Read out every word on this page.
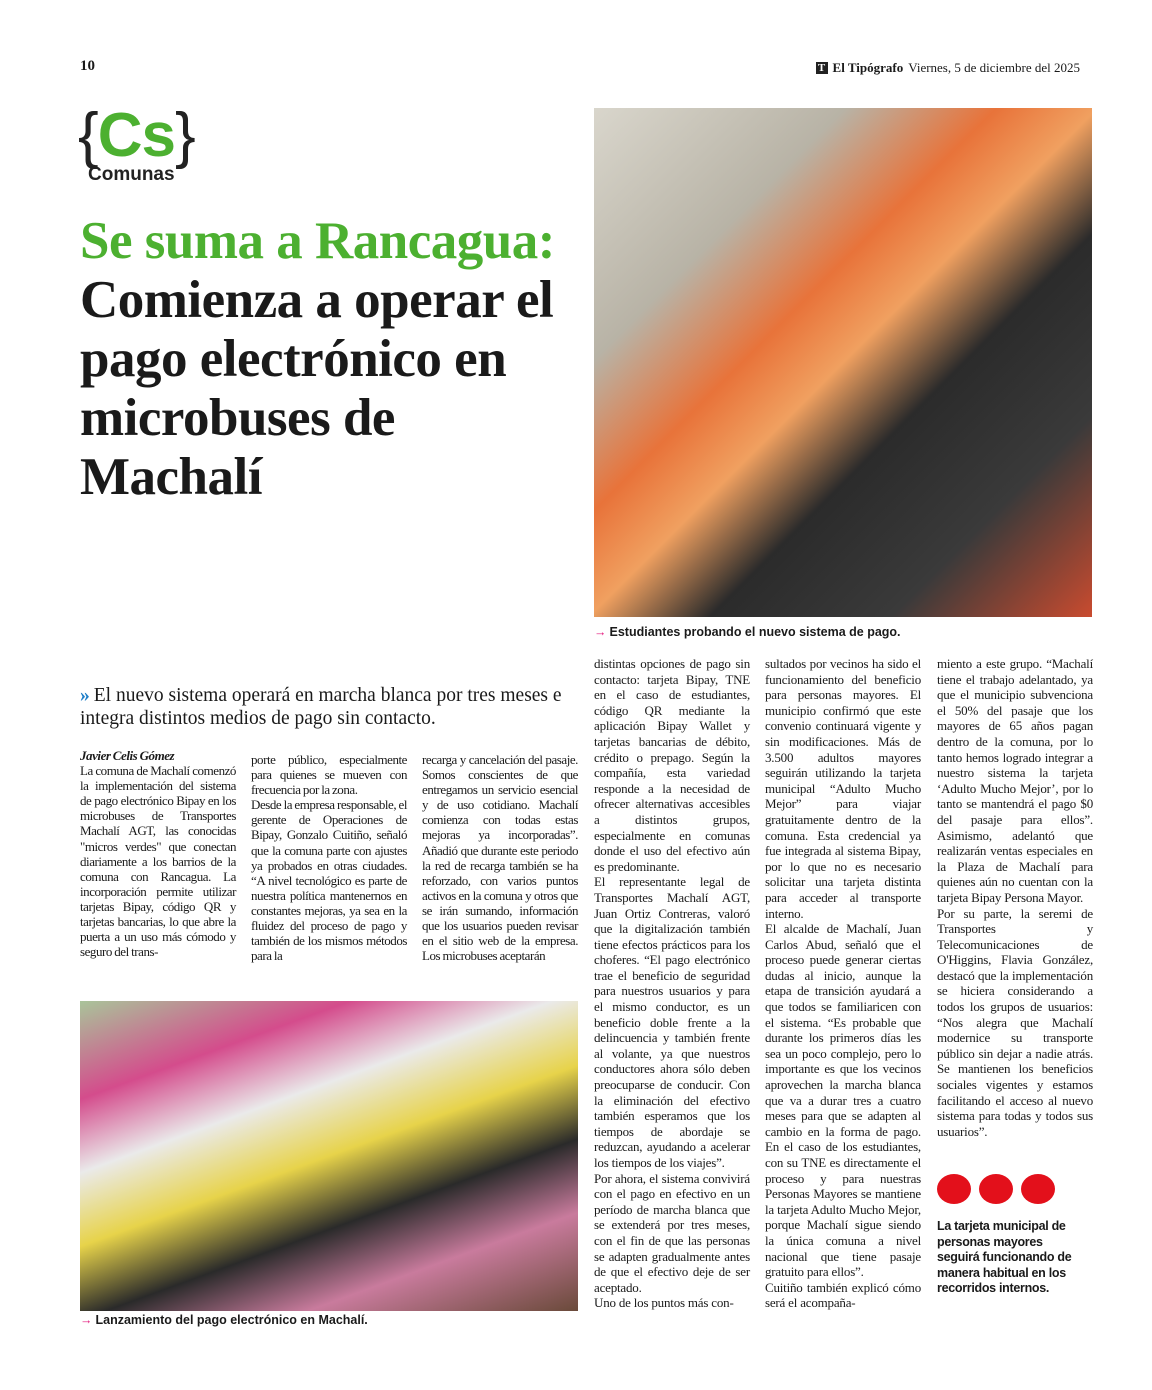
10	T El Tipógrafo Viernes, 5 de diciembre del 2025
{Cs}
Comunas
Se suma a Rancagua:
Comienza a operar el pago electrónico en microbuses de Machalí
→ Estudiantes probando el nuevo sistema de pago.
» El nuevo sistema operará en marcha blanca por tres meses e integra distintos medios de pago sin contacto.
Javier Celis Gómez

La comuna de Machalí comenzó la implementación del sistema de pago electrónico Bipay en los microbuses de Transportes Machalí AGT, las conocidas "micros verdes" que conectan diariamente a los barrios de la comuna con Rancagua. La incorporación permite utilizar tarjetas Bipay, código QR y tarjetas bancarias, lo que abre la puerta a un uso más cómodo y seguro del trans-

porte público, especialmente para quienes se mueven con frecuencia por la zona.

Desde la empresa responsable, el gerente de Operaciones de Bipay, Gonzalo Cuitiño, señaló que la comuna parte con ajustes ya probados en otras ciudades. “A nivel tecnológico es parte de nuestra política mantenernos en constantes mejoras, ya sea en la fluidez del proceso de pago y también de los mismos métodos para la

recarga y cancelación del pasaje. Somos conscientes de que entregamos un servicio esencial y de uso cotidiano. Machalí comienza con todas estas mejoras ya incorporadas”. Añadió que durante este periodo la red de recarga también se ha reforzado, con varios puntos activos en la comuna y otros que se irán sumando, información que los usuarios pueden revisar en el sitio web de la empresa. Los microbuses aceptarán

distintas opciones de pago sin contacto: tarjeta Bipay, TNE en el caso de estudiantes, código QR mediante la aplicación Bipay Wallet y tarjetas bancarias de débito, crédito o prepago. Según la compañía, esta variedad responde a la necesidad de ofrecer alternativas accesibles a distintos grupos, especialmente en comunas donde el uso del efectivo aún es predominante.

El representante legal de Transportes Machalí AGT, Juan Ortiz Contreras, valoró que la digitalización también tiene efectos prácticos para los choferes. “El pago electrónico trae el beneficio de seguridad para nuestros usuarios y para el mismo conductor, es un beneficio doble frente a la delincuencia y también frente al volante, ya que nuestros conductores ahora sólo deben preocuparse de conducir. Con la eliminación del efectivo también esperamos que los tiempos de abordaje se reduzcan, ayudando a acelerar los tiempos de los viajes”.

Por ahora, el sistema convivirá con el pago en efectivo en un período de marcha blanca que se extenderá por tres meses, con el fin de que las personas se adapten gradualmente antes de que el efectivo deje de ser aceptado.

Uno de los puntos más con-

sultados por vecinos ha sido el funcionamiento del beneficio para personas mayores. El municipio confirmó que este convenio continuará vigente y sin modificaciones. Más de 3.500 adultos mayores seguirán utilizando la tarjeta municipal “Adulto Mucho Mejor” para viajar gratuitamente dentro de la comuna. Esta credencial ya fue integrada al sistema Bipay, por lo que no es necesario solicitar una tarjeta distinta para acceder al transporte interno.

El alcalde de Machalí, Juan Carlos Abud, señaló que el proceso puede generar ciertas dudas al inicio, aunque la etapa de transición ayudará a que todos se familiaricen con el sistema. “Es probable que durante los primeros días les sea un poco complejo, pero lo importante es que los vecinos aprovechen la marcha blanca que va a durar tres a cuatro meses para que se adapten al cambio en la forma de pago. En el caso de los estudiantes, con su TNE es directamente el proceso y para nuestras Personas Mayores se mantiene la tarjeta Adulto Mucho Mejor, porque Machalí sigue siendo la única comuna a nivel nacional que tiene pasaje gratuito para ellos”.

Cuitiño también explicó cómo será el acompaña-

miento a este grupo. “Machalí tiene el trabajo adelantado, ya que el municipio subvenciona el 50% del pasaje que los mayores de 65 años pagan dentro de la comuna, por lo tanto hemos logrado integrar a nuestro sistema la tarjeta ‘Adulto Mucho Mejor’, por lo tanto se mantendrá el pago $0 del pasaje para ellos”. Asimismo, adelantó que realizarán ventas especiales en la Plaza de Machalí para quienes aún no cuentan con la tarjeta Bipay Persona Mayor.

Por su parte, la seremi de Transportes y Telecomunicaciones de O'Higgins, Flavia González, destacó que la implementación se hiciera considerando a todos los grupos de usuarios: “Nos alegra que Machalí modernice su transporte público sin dejar a nadie atrás. Se mantienen los beneficios sociales vigentes y estamos facilitando el acceso al nuevo sistema para todas y todos sus usuarios”.

→ Lanzamiento del pago electrónico en Machalí.
La tarjeta municipal de personas mayores seguirá funcionando de manera habitual en los recorridos internos.
